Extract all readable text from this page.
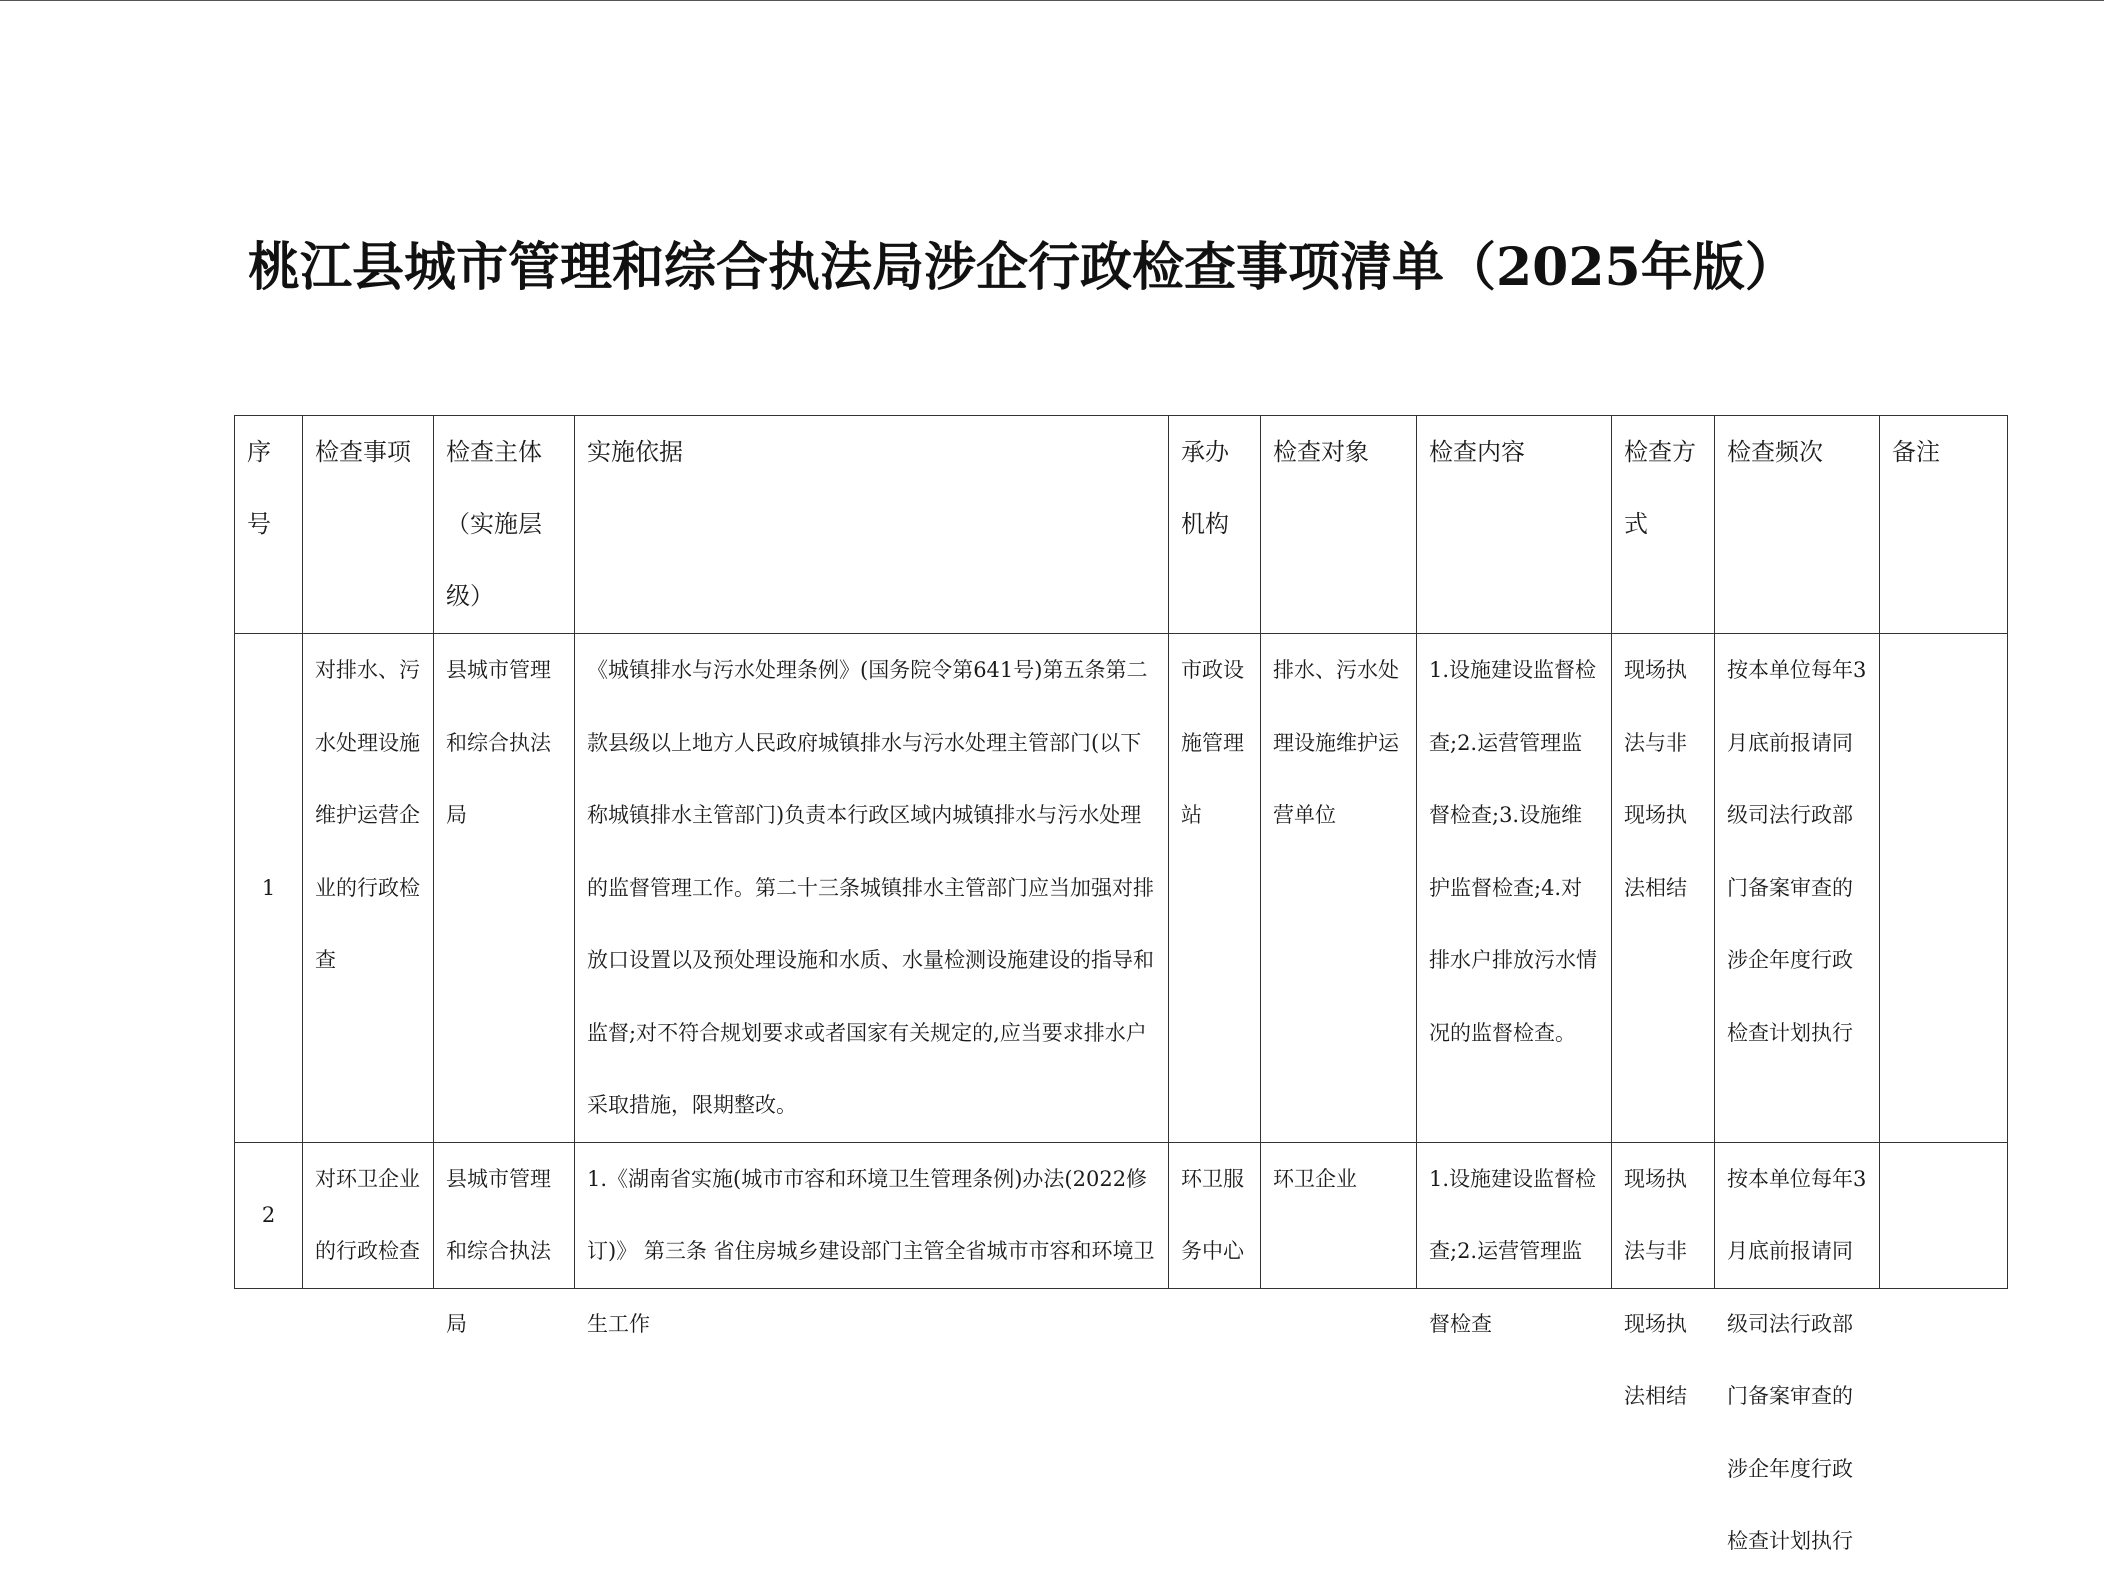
桃江县城市管理和综合执法局涉企行政检查事项清单（2025年版）
序号	检查事项	检查主体（实施层级）	实施依据	承办机构	检查对象	检查内容	检查方式	检查频次	备注
1	对排水、污水处理设施维护运营企业的行政检查	县城市管理和综合执法局	《城镇排水与污水处理条例》(国务院令第641号)第五条第二款县级以上地方人民政府城镇排水与污水处理主管部门(以下称城镇排水主管部门)负责本行政区域内城镇排水与污水处理的监督管理工作。第二十三条城镇排水主管部门应当加强对排放口设置以及预处理设施和水质、水量检测设施建设的指导和监督;对不符合规划要求或者国家有关规定的,应当要求排水户采取措施，限期整改。	市政设施管理站	排水、污水处理设施维护运营单位	1.设施建设监督检查;2.运营管理监督检查;3.设施维护监督检查;4.对排水户排放污水情况的监督检查。	现场执法与非现场执法相结	按本单位每年3月底前报请同级司法行政部门备案审查的涉企年度行政检查计划执行	
2	对环卫企业的行政检查	县城市管理和综合执法局	1.《湖南省实施(城市市容和环境卫生管理条例)办法(2022修订)》 第三条 省住房城乡建设部门主管全省城市市容和环境卫生工作	环卫服务中心	环卫企业	1.设施建设监督检查;2.运营管理监督检查	现场执法与非现场执法相结	按本单位每年3月底前报请同级司法行政部门备案审查的涉企年度行政检查计划执行	
